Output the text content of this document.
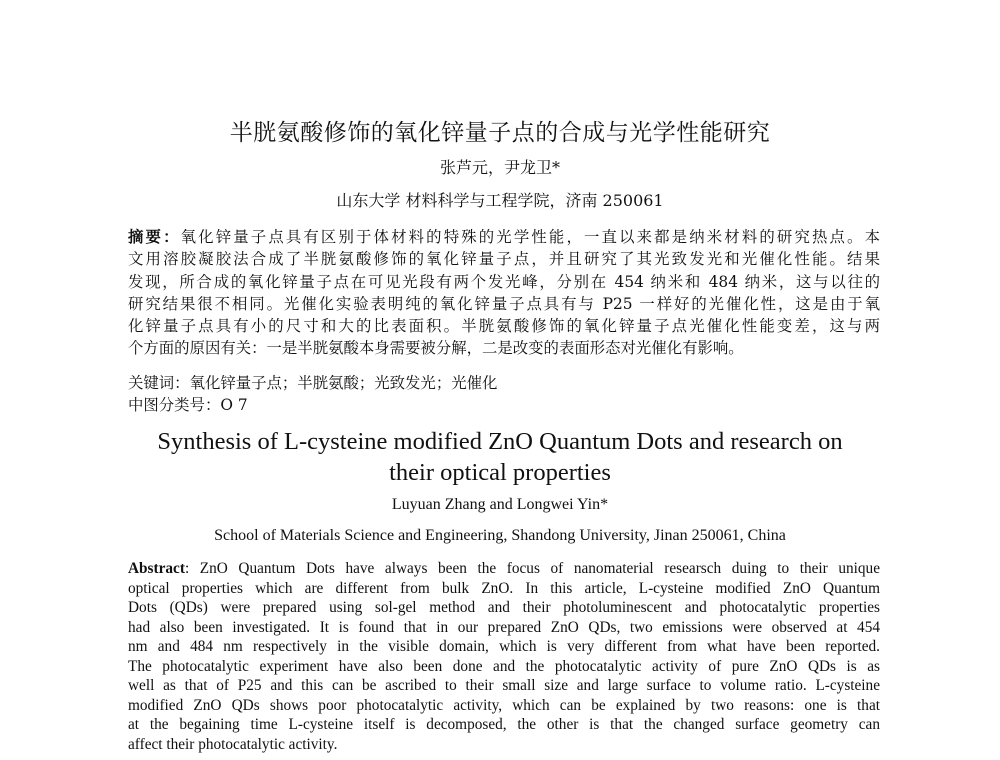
半胱氨酸修饰的氧化锌量子点的合成与光学性能研究
张芦元，尹龙卫*
山东大学 材料科学与工程学院，济南 250061
摘要：氧化锌量子点具有区别于体材料的特殊的光学性能，一直以来都是纳米材料的研究热点。本
文用溶胶凝胶法合成了半胱氨酸修饰的氧化锌量子点，并且研究了其光致发光和光催化性能。结果
发现，所合成的氧化锌量子点在可见光段有两个发光峰，分别在 454 纳米和 484 纳米，这与以往的
研究结果很不相同。光催化实验表明纯的氧化锌量子点具有与 P25 一样好的光催化性，这是由于氧
化锌量子点具有小的尺寸和大的比表面积。半胱氨酸修饰的氧化锌量子点光催化性能变差，这与两
个方面的原因有关：一是半胱氨酸本身需要被分解，二是改变的表面形态对光催化有影响。
关键词：氧化锌量子点；半胱氨酸；光致发光；光催化
中图分类号：O 7
Synthesis of L-cysteine modified ZnO Quantum Dots and research on their optical properties
Luyuan Zhang and Longwei Yin*
School of Materials Science and Engineering, Shandong University, Jinan 250061, China
Abstract: ZnO Quantum Dots have always been the focus of nanomaterial researsch duing to their unique
optical properties which are different from bulk ZnO. In this article, L-cysteine modified ZnO Quantum
Dots (QDs) were prepared using sol-gel method and their photoluminescent and photocatalytic properties
had also been investigated. It is found that in our prepared ZnO QDs, two emissions were observed at 454
nm and 484 nm respectively in the visible domain, which is very different from what have been reported.
The photocatalytic experiment have also been done and the photocatalytic activity of pure ZnO QDs is as
well as that of P25 and this can be ascribed to their small size and large surface to volume ratio. L-cysteine
modified ZnO QDs shows poor photocatalytic activity, which can be explained by two reasons: one is that
at the begaining time L-cysteine itself is decomposed, the other is that the changed surface geometry can
affect their photocatalytic activity.
